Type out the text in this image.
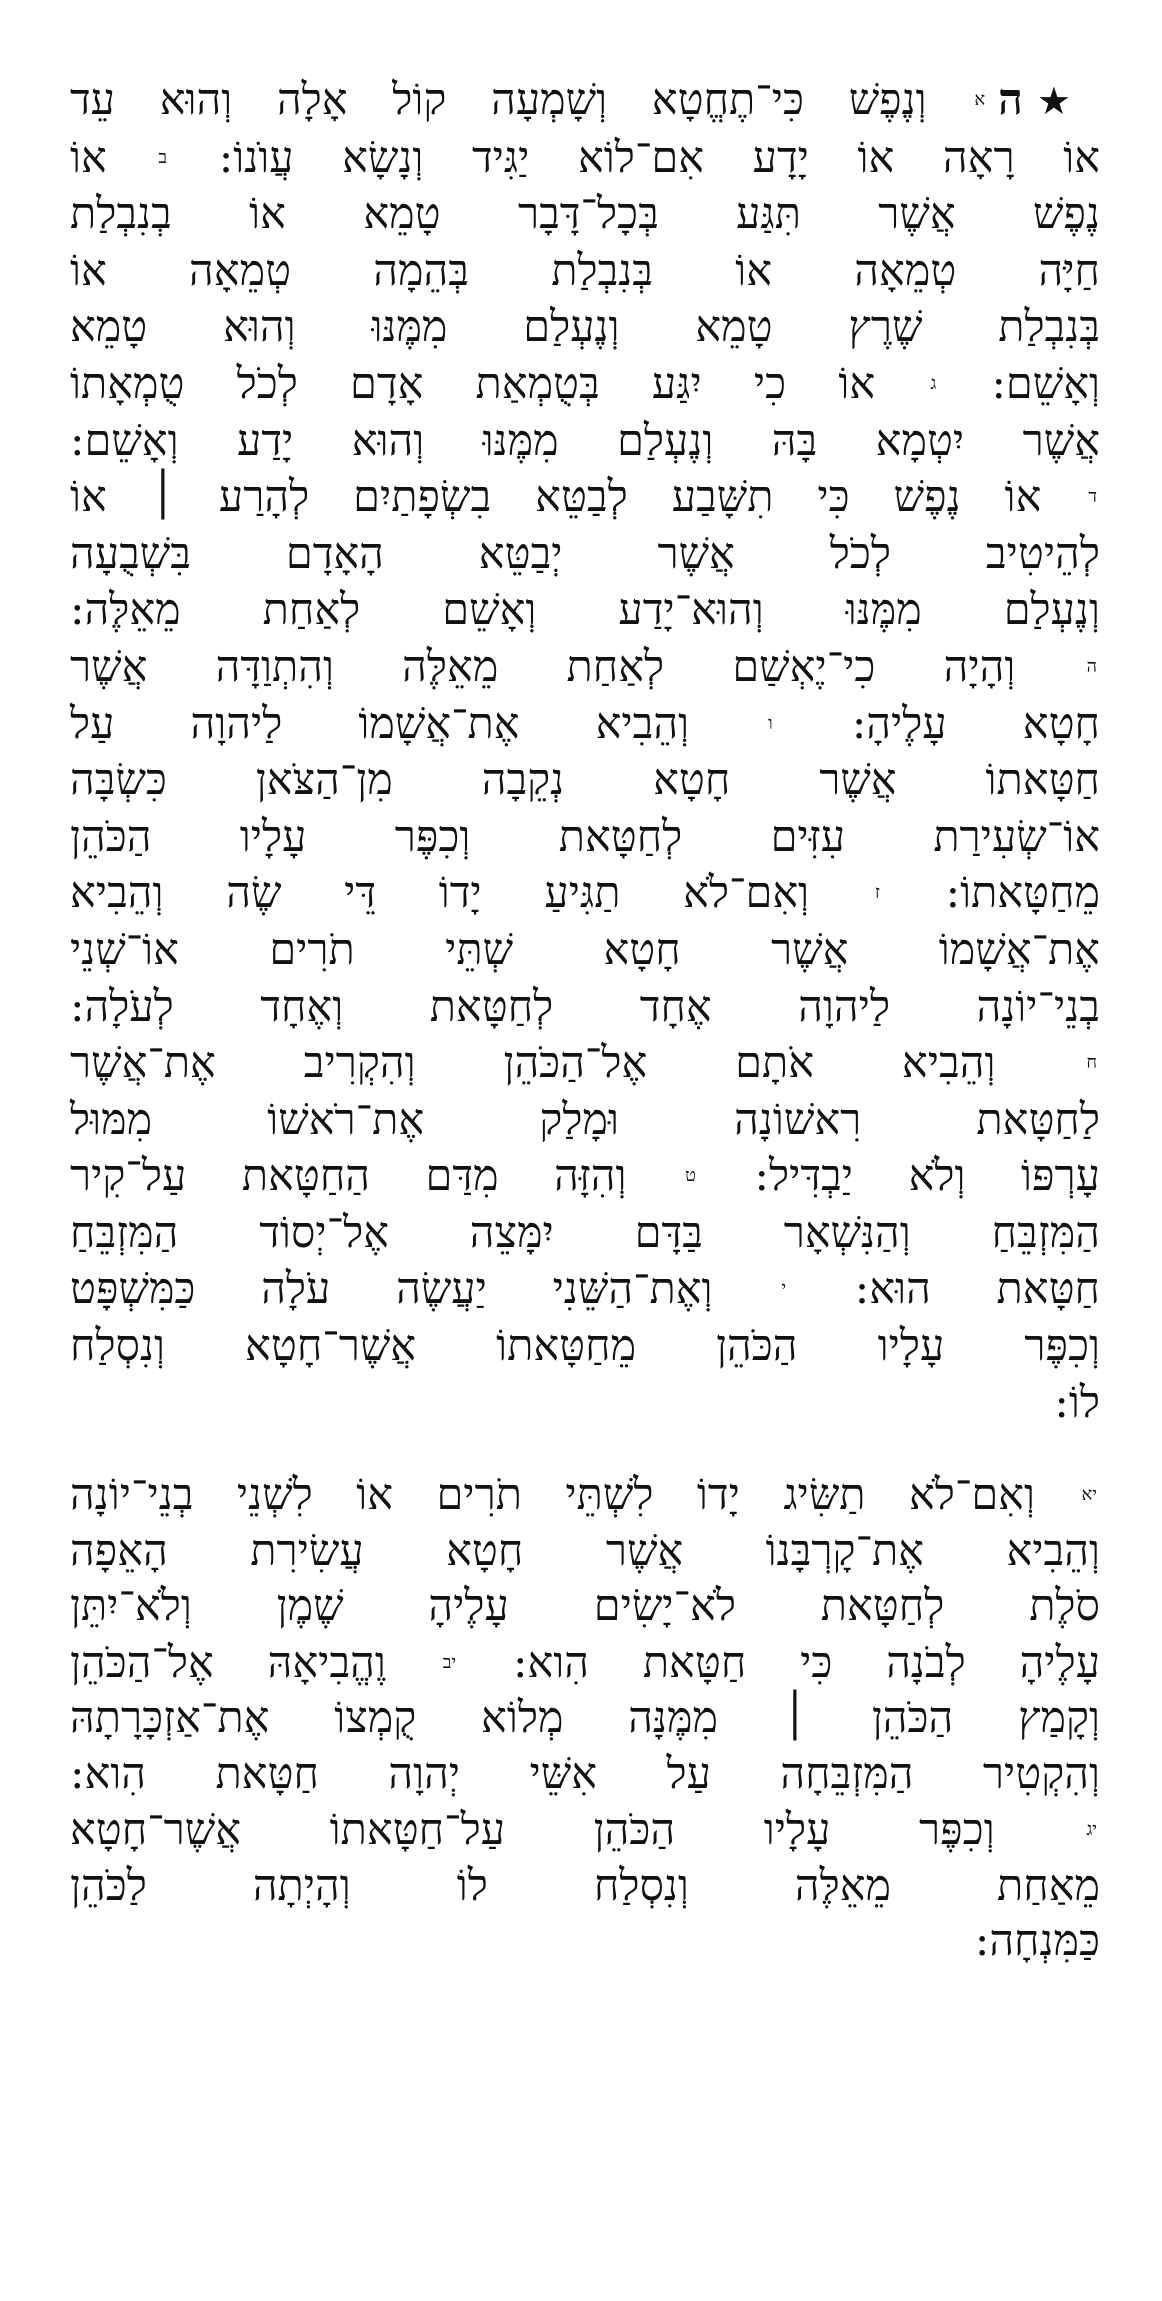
★ה$^א$ וְנֶפֶשׁ כִּי־תֶחֱטָא וְשָׁמְעָה קוֹל אָלָה וְהוּא עֵד
אוֹ רָאָה אוֹ יָדָע אִם־לוֹא יַגִּיד וְנָשָׂא עֲוֺנוֹ: $^ב$ אוֹ
נֶפֶשׁ אֲשֶׁר תִּגַּע בְּכָל־דָּבָר טָמֵא אוֹ בְנִבְלַת
חַיָּה טְמֵאָה אוֹ בְּנִבְלַת בְּהֵמָה טְמֵאָה אוֹ
בְּנִבְלַת שֶׁרֶץ טָמֵא וְנֶעְלַם מִמֶּנּוּ וְהוּא טָמֵא
וְאָשֵׁם: $^ג$ אוֹ כִי יִגַּע בְּטֻמְאַת אָדָם לְכֹל טֻמְאָתוֹ
אֲשֶׁר יִטְמָא בָּהּ וְנֶעְלַם מִמֶּנּוּ וְהוּא יָדַע וְאָשֵׁם:
$^ד$ אוֹ נֶפֶשׁ כִּי תִשָּׁבַע לְבַטֵּא בִשְׂפָתַיִם לְהָרַע ׀ אוֹ
לְהֵיטִיב לְכֹל אֲשֶׁר יְבַטֵּא הָאָדָם בִּשְׁבֻעָה
וְנֶעְלַם מִמֶּנּוּ וְהוּא־יָדַע וְאָשֵׁם לְאַחַת מֵאֵלֶּה:
$^ה$ וְהָיָה כִי־יֶאְשַׁם לְאַחַת מֵאֵלֶּה וְהִתְוַדָּה אֲשֶׁר
חָטָא עָלֶיהָ: $^ו$ וְהֵבִיא אֶת־אֲשָׁמוֹ לַיהוָה עַל
חַטָּאתוֹ אֲשֶׁר חָטָא נְקֵבָה מִן־הַצֹּאן כִּשְׂבָּה
אוֹ־שְׂעִירַת עִזִּים לְחַטָּאת וְכִפֶּר עָלָיו הַכֹּהֵן
מֵחַטָּאתוֹ: $^ז$ וְאִם־לֹא תַגִּיעַ יָדוֹ דֵּי שֶׂה וְהֵבִיא
אֶת־אֲשָׁמוֹ אֲשֶׁר חָטָא שְׁתֵּי תֹרִים אוֹ־שְׁנֵי
בְנֵי־יוֹנָה לַיהוָה אֶחָד לְחַטָּאת וְאֶחָד לְעֹלָה:
$^ח$ וְהֵבִיא אֹתָם אֶל־הַכֹּהֵן וְהִקְרִיב אֶת־אֲשֶׁר
לַחַטָּאת רִאשׁוֹנָה וּמָלַק אֶת־רֹאשׁוֹ מִמּוּל
עָרְפּוֹ וְלֹא יַבְדִּיל: $^ט$ וְהִזָּה מִדַּם הַחַטָּאת עַל־קִיר
הַמִּזְבֵּחַ וְהַנִּשְׁאָר בַּדָּם יִמָּצֵה אֶל־יְסוֹד הַמִּזְבֵּחַ
חַטָּאת הוּא: $^י$ וְאֶת־הַשֵּׁנִי יַעֲשֶׂה עֹלָה כַּמִּשְׁפָּט
וְכִפֶּר עָלָיו הַכֹּהֵן מֵחַטָּאתוֹ אֲשֶׁר־חָטָא וְנִסְלַח
לוֹ:
$^{יא}$ וְאִם־לֹא תַשִּׂיג יָדוֹ לִשְׁתֵּי תֹרִים אוֹ לִשְׁנֵי בְנֵי־יוֹנָה
וְהֵבִיא אֶת־קָרְבָּנוֹ אֲשֶׁר חָטָא עֲשִׂירִת הָאֵפָה
סֹלֶת לְחַטָּאת לֹא־יָשִׂים עָלֶיהָ שֶׁמֶן וְלֹא־יִתֵּן
עָלֶיהָ לְבֹנָה כִּי חַטָּאת הִוא: $^{יב}$ וֶהֱבִיאָהּ אֶל־הַכֹּהֵן
וְקָמַץ הַכֹּהֵן ׀ מִמֶּנָּה מְלוֹא קֻמְצוֹ אֶת־אַזְכָּרָתָהּ
וְהִקְטִיר הַמִּזְבֵּחָה עַל אִשֵּׁי יְהוָה חַטָּאת הִוא:
$^{יג}$ וְכִפֶּר עָלָיו הַכֹּהֵן עַל־חַטָּאתוֹ אֲשֶׁר־חָטָא
מֵאַחַת מֵאֵלֶּה וְנִסְלַח לוֹ וְהָיְתָה לַכֹּהֵן
כַּמִּנְחָה:
